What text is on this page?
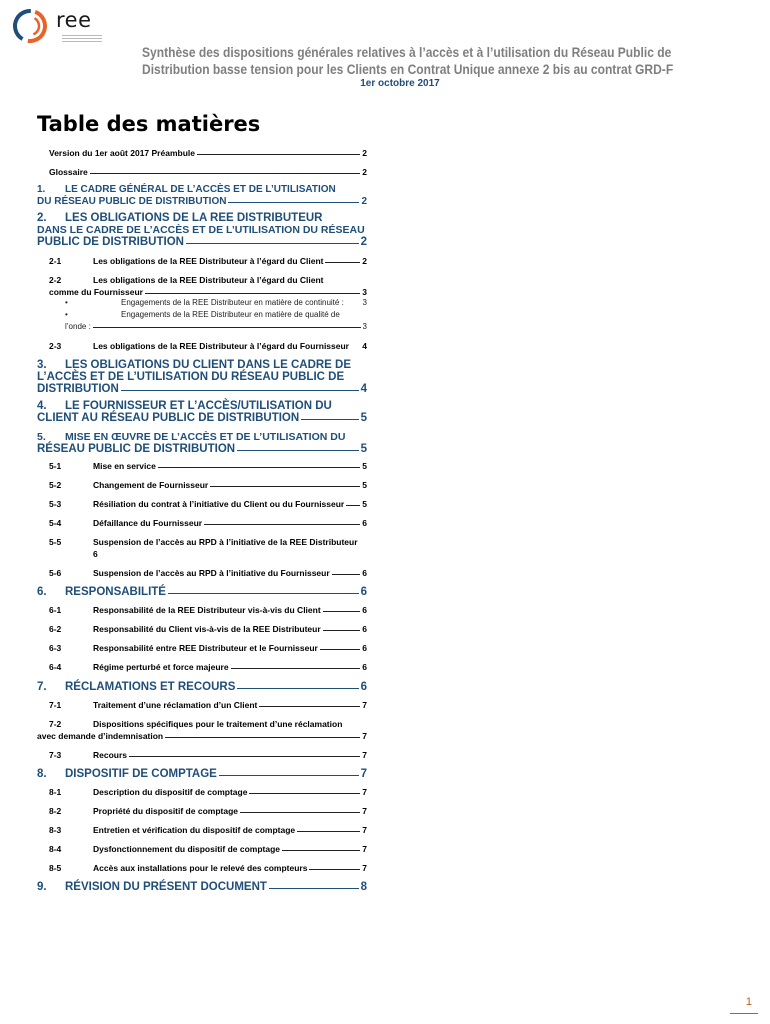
ree
Synthèse des dispositions générales relatives à l’accès et à l’utilisation du Réseau Public de
Distribution basse tension pour les Clients en Contrat Unique annexe 2 bis au contrat GRD-F
1er octobre 2017
Table des matières
Version du 1er août 2017 Préambule	2
Glossaire	2
1. LE CADRE GÉNÉRAL DE L’ACCÈS ET DE L’UTILISATION
DU RÉSEAU PUBLIC DE DISTRIBUTION	2
2. LES OBLIGATIONS DE LA REE DISTRIBUTEUR
DANS LE CADRE DE L’ACCÈS ET DE L’UTILISATION DU RÉSEAU
PUBLIC DE DISTRIBUTION	2
2-1	Les obligations de la REE Distributeur à l’égard du Client	2
2-2	Les obligations de la REE Distributeur à l’égard du Client
comme du Fournisseur	3
•	Engagements de la REE Distributeur en matière de continuité : 3
•	Engagements de la REE Distributeur en matière de qualité de
l’onde :	3
2-3	Les obligations de la REE Distributeur à l’égard du Fournisseur 4
3. LES OBLIGATIONS DU CLIENT DANS LE CADRE DE
L’ACCÈS ET DE L’UTILISATION DU RÉSEAU PUBLIC DE
DISTRIBUTION	4
4. LE FOURNISSEUR ET L’ACCÈS/UTILISATION DU
CLIENT AU RÉSEAU PUBLIC DE DISTRIBUTION	5
5. MISE EN ŒUVRE DE L’ACCÈS ET DE L’UTILISATION DU
RÉSEAU PUBLIC DE DISTRIBUTION	5
5-1	Mise en service	5
5-2	Changement de Fournisseur	5
5-3	Résiliation du contrat à l’initiative du Client ou du Fournisseur 5
5-4	Défaillance du Fournisseur	6
5-5	Suspension de l’accès au RPD à l’initiative de la REE Distributeur
6
5-6	Suspension de l’accès au RPD à l’initiative du Fournisseur	6
6. RESPONSABILITÉ	6
6-1	Responsabilité de la REE Distributeur vis-à-vis du Client	6
6-2	Responsabilité du Client vis-à-vis de la REE Distributeur	6
6-3	Responsabilité entre REE Distributeur et le Fournisseur	6
6-4	Régime perturbé et force majeure	6
7. RÉCLAMATIONS ET RECOURS	6
7-1	Traitement d’une réclamation d’un Client	7
7-2	Dispositions spécifiques pour le traitement d’une réclamation
avec demande d’indemnisation	7
7-3	Recours	7
8. DISPOSITIF DE COMPTAGE	7
8-1	Description du dispositif de comptage	7
8-2	Propriété du dispositif de comptage	7
8-3	Entretien et vérification du dispositif de comptage	7
8-4	Dysfonctionnement du dispositif de comptage	7
8-5	Accès aux installations pour le relevé des compteurs	7
9. RÉVISION DU PRÉSENT DOCUMENT	8
1
